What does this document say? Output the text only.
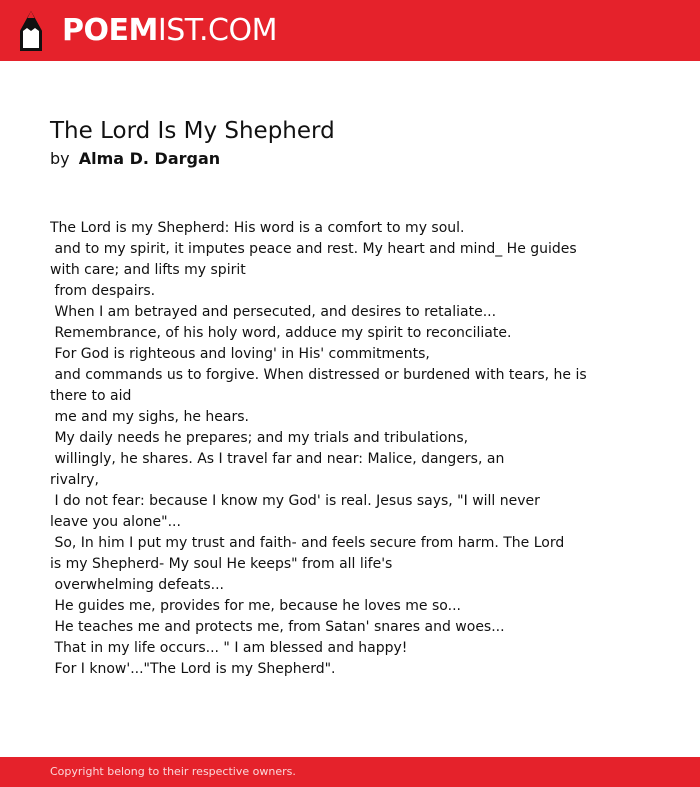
POEMIST.COM
The Lord Is My Shepherd
by Alma D. Dargan
The Lord is my Shepherd: His word is a comfort to my soul.
and to my spirit, it imputes peace and rest. My heart and mind_ He guides
with care; and lifts my spirit
from despairs.
When I am betrayed and persecuted, and desires to retaliate...
Remembrance, of his holy word, adduce my spirit to reconciliate.
For God is righteous and loving' in His' commitments,
and commands us to forgive. When distressed or burdened with tears, he is
there to aid
me and my sighs, he hears.
My daily needs he prepares; and my trials and tribulations,
willingly, he shares. As I travel far and near: Malice, dangers, an
rivalry,
I do not fear: because I know my God' is real. Jesus says, "I will never
leave you alone"...
So, In him I put my trust and faith- and feels secure from harm. The Lord
is my Shepherd- My soul He keeps" from all life's
overwhelming defeats...
He guides me, provides for me, because he loves me so...
He teaches me and protects me, from Satan' snares and woes...
That in my life occurs... " I am blessed and happy!
For I know'..."The Lord is my Shepherd".
Copyright belong to their respective owners.
